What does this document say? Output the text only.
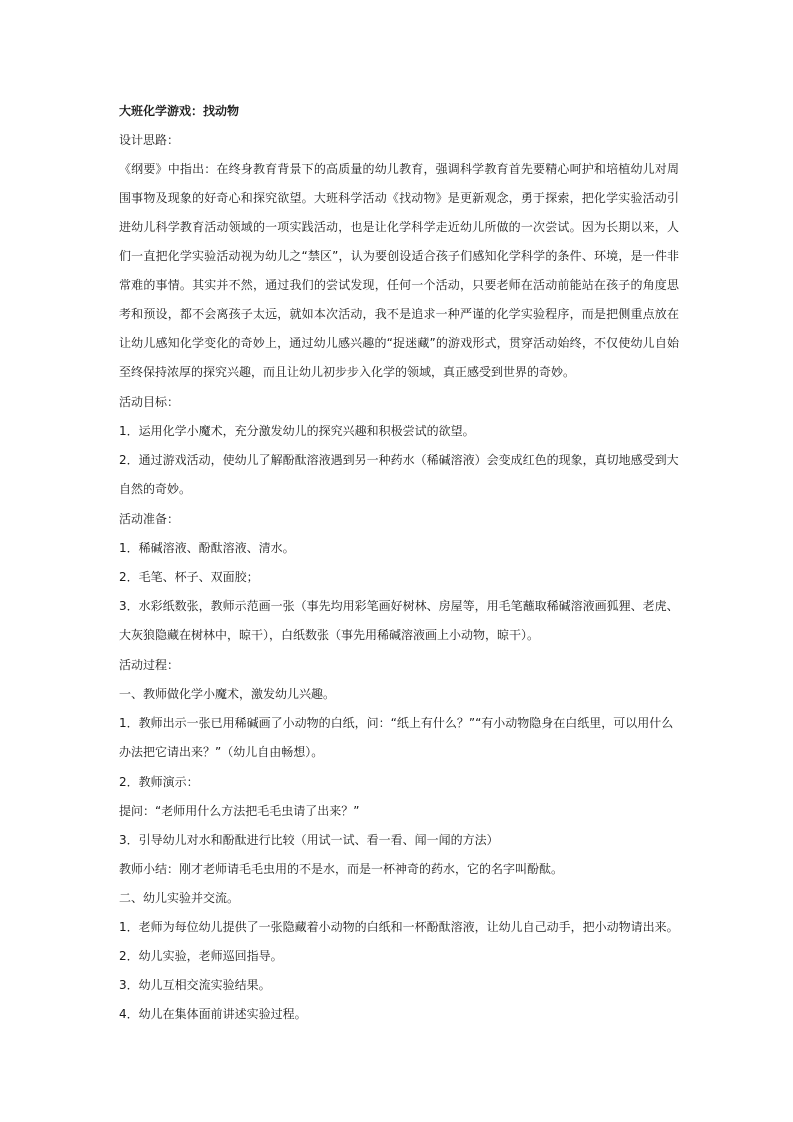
大班化学游戏：找动物
设计思路：
《纲要》中指出：在终身教育背景下的高质量的幼儿教育，强调科学教育首先要精心呵护和培植幼儿对周围事物及现象的好奇心和探究欲望。大班科学活动《找动物》是更新观念，勇于探索，把化学实验活动引进幼儿科学教育活动领域的一项实践活动，也是让化学科学走近幼儿所做的一次尝试。因为长期以来，人们一直把化学实验活动视为幼儿之“禁区”，认为要创设适合孩子们感知化学科学的条件、环境，是一件非常难的事情。其实并不然，通过我们的尝试发现，任何一个活动，只要老师在活动前能站在孩子的角度思考和预设，都不会离孩子太远，就如本次活动，我不是追求一种严谨的化学实验程序，而是把侧重点放在让幼儿感知化学变化的奇妙上，通过幼儿感兴趣的“捉迷藏”的游戏形式，贯穿活动始终，不仅使幼儿自始至终保持浓厚的探究兴趣，而且让幼儿初步步入化学的领域，真正感受到世界的奇妙。
活动目标：
1．运用化学小魔术，充分激发幼儿的探究兴趣和积极尝试的欲望。
2．通过游戏活动，使幼儿了解酚酞溶液遇到另一种药水（稀碱溶液）会变成红色的现象，真切地感受到大自然的奇妙。
活动准备：
1．稀碱溶液、酚酞溶液、清水。
2．毛笔、杯子、双面胶；
3．水彩纸数张，教师示范画一张（事先均用彩笔画好树林、房屋等，用毛笔蘸取稀碱溶液画狐狸、老虎、大灰狼隐藏在树林中，晾干），白纸数张（事先用稀碱溶液画上小动物，晾干）。
活动过程：
一、教师做化学小魔术，激发幼儿兴趣。
1．教师出示一张已用稀碱画了小动物的白纸，问：“纸上有什么？”“有小动物隐身在白纸里，可以用什么办法把它请出来？”（幼儿自由畅想）。
2．教师演示：
提问：“老师用什么方法把毛毛虫请了出来？”
3．引导幼儿对水和酚酞进行比较（用试一试、看一看、闻一闻的方法）
教师小结：刚才老师请毛毛虫用的不是水，而是一杯神奇的药水，它的名字叫酚酞。
二、幼儿实验并交流。
1．老师为每位幼儿提供了一张隐藏着小动物的白纸和一杯酚酞溶液，让幼儿自己动手，把小动物请出来。
2．幼儿实验，老师巡回指导。
3．幼儿互相交流实验结果。
4．幼儿在集体面前讲述实验过程。
